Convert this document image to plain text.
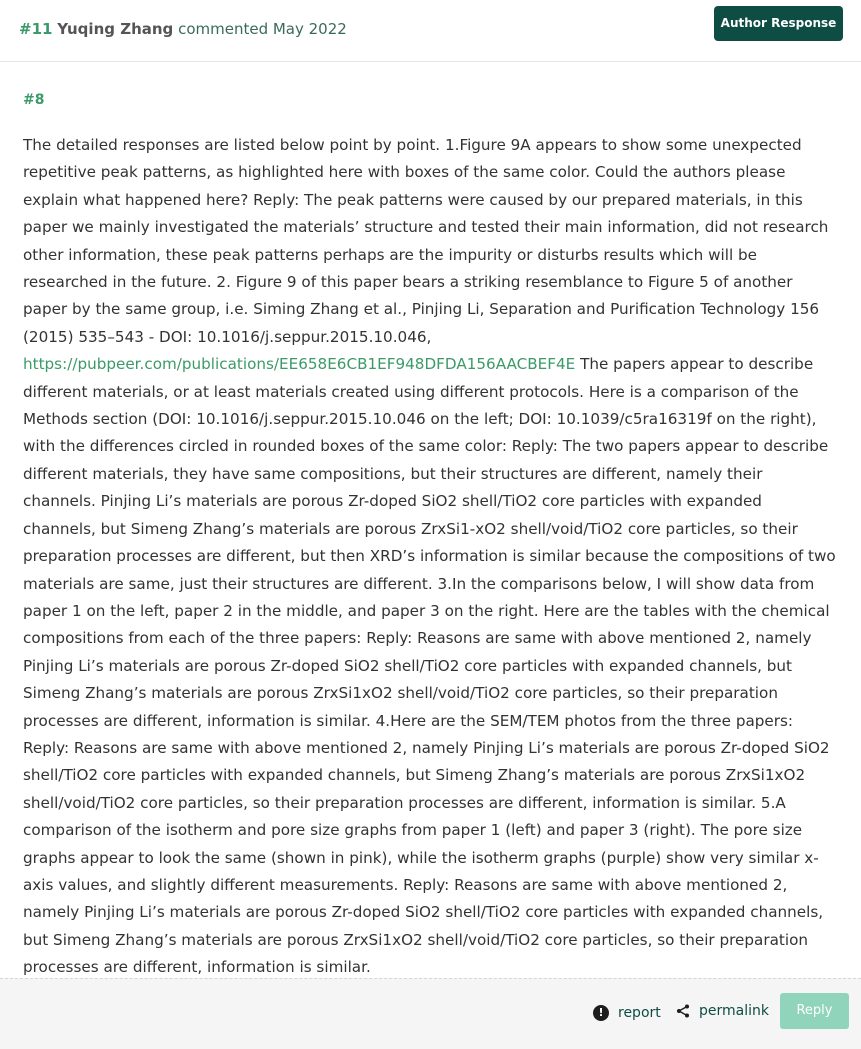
#11 Yuqing Zhang commented May 2022	Author Response
#8
The detailed responses are listed below point by point. 1.Figure 9A appears to show some unexpected repetitive peak patterns, as highlighted here with boxes of the same color. Could the authors please explain what happened here? Reply: The peak patterns were caused by our prepared materials, in this paper we mainly investigated the materials’ structure and tested their main information, did not research other information, these peak patterns perhaps are the impurity or disturbs results which will be researched in the future. 2. Figure 9 of this paper bears a striking resemblance to Figure 5 of another paper by the same group, i.e. Siming Zhang et al., Pinjing Li, Separation and Purification Technology 156 (2015) 535–543 - DOI: 10.1016/j.seppur.2015.10.046,
https://pubpeer.com/publications/EE658E6CB1EF948DFDA156AACBEF4E The papers appear to describe different materials, or at least materials created using different protocols. Here is a comparison of the Methods section (DOI: 10.1016/j.seppur.2015.10.046 on the left; DOI: 10.1039/c5ra16319f on the right), with the differences circled in rounded boxes of the same color: Reply: The two papers appear to describe different materials, they have same compositions, but their structures are different, namely their channels. Pinjing Li’s materials are porous Zr-doped SiO2 shell/TiO2 core particles with expanded channels, but Simeng Zhang’s materials are porous ZrxSi1-xO2 shell/void/TiO2 core particles, so their preparation processes are different, but then XRD’s information is similar because the compositions of two materials are same, just their structures are different. 3.In the comparisons below, I will show data from paper 1 on the left, paper 2 in the middle, and paper 3 on the right. Here are the tables with the chemical compositions from each of the three papers: Reply: Reasons are same with above mentioned 2, namely Pinjing Li’s materials are porous Zr-doped SiO2 shell/TiO2 core particles with expanded channels, but Simeng Zhang’s materials are porous ZrxSi1xO2 shell/void/TiO2 core particles, so their preparation processes are different, information is similar. 4.Here are the SEM/TEM photos from the three papers: Reply: Reasons are same with above mentioned 2, namely Pinjing Li’s materials are porous Zr-doped SiO2 shell/TiO2 core particles with expanded channels, but Simeng Zhang’s materials are porous ZrxSi1xO2 shell/void/TiO2 core particles, so their preparation processes are different, information is similar. 5.A comparison of the isotherm and pore size graphs from paper 1 (left) and paper 3 (right). The pore size graphs appear to look the same (shown in pink), while the isotherm graphs (purple) show very similar x-axis values, and slightly different measurements. Reply: Reasons are same with above mentioned 2, namely Pinjing Li’s materials are porous Zr-doped SiO2 shell/TiO2 core particles with expanded channels, but Simeng Zhang’s materials are porous ZrxSi1xO2 shell/void/TiO2 core particles, so their preparation processes are different, information is similar.
!	report	permalink	Reply
